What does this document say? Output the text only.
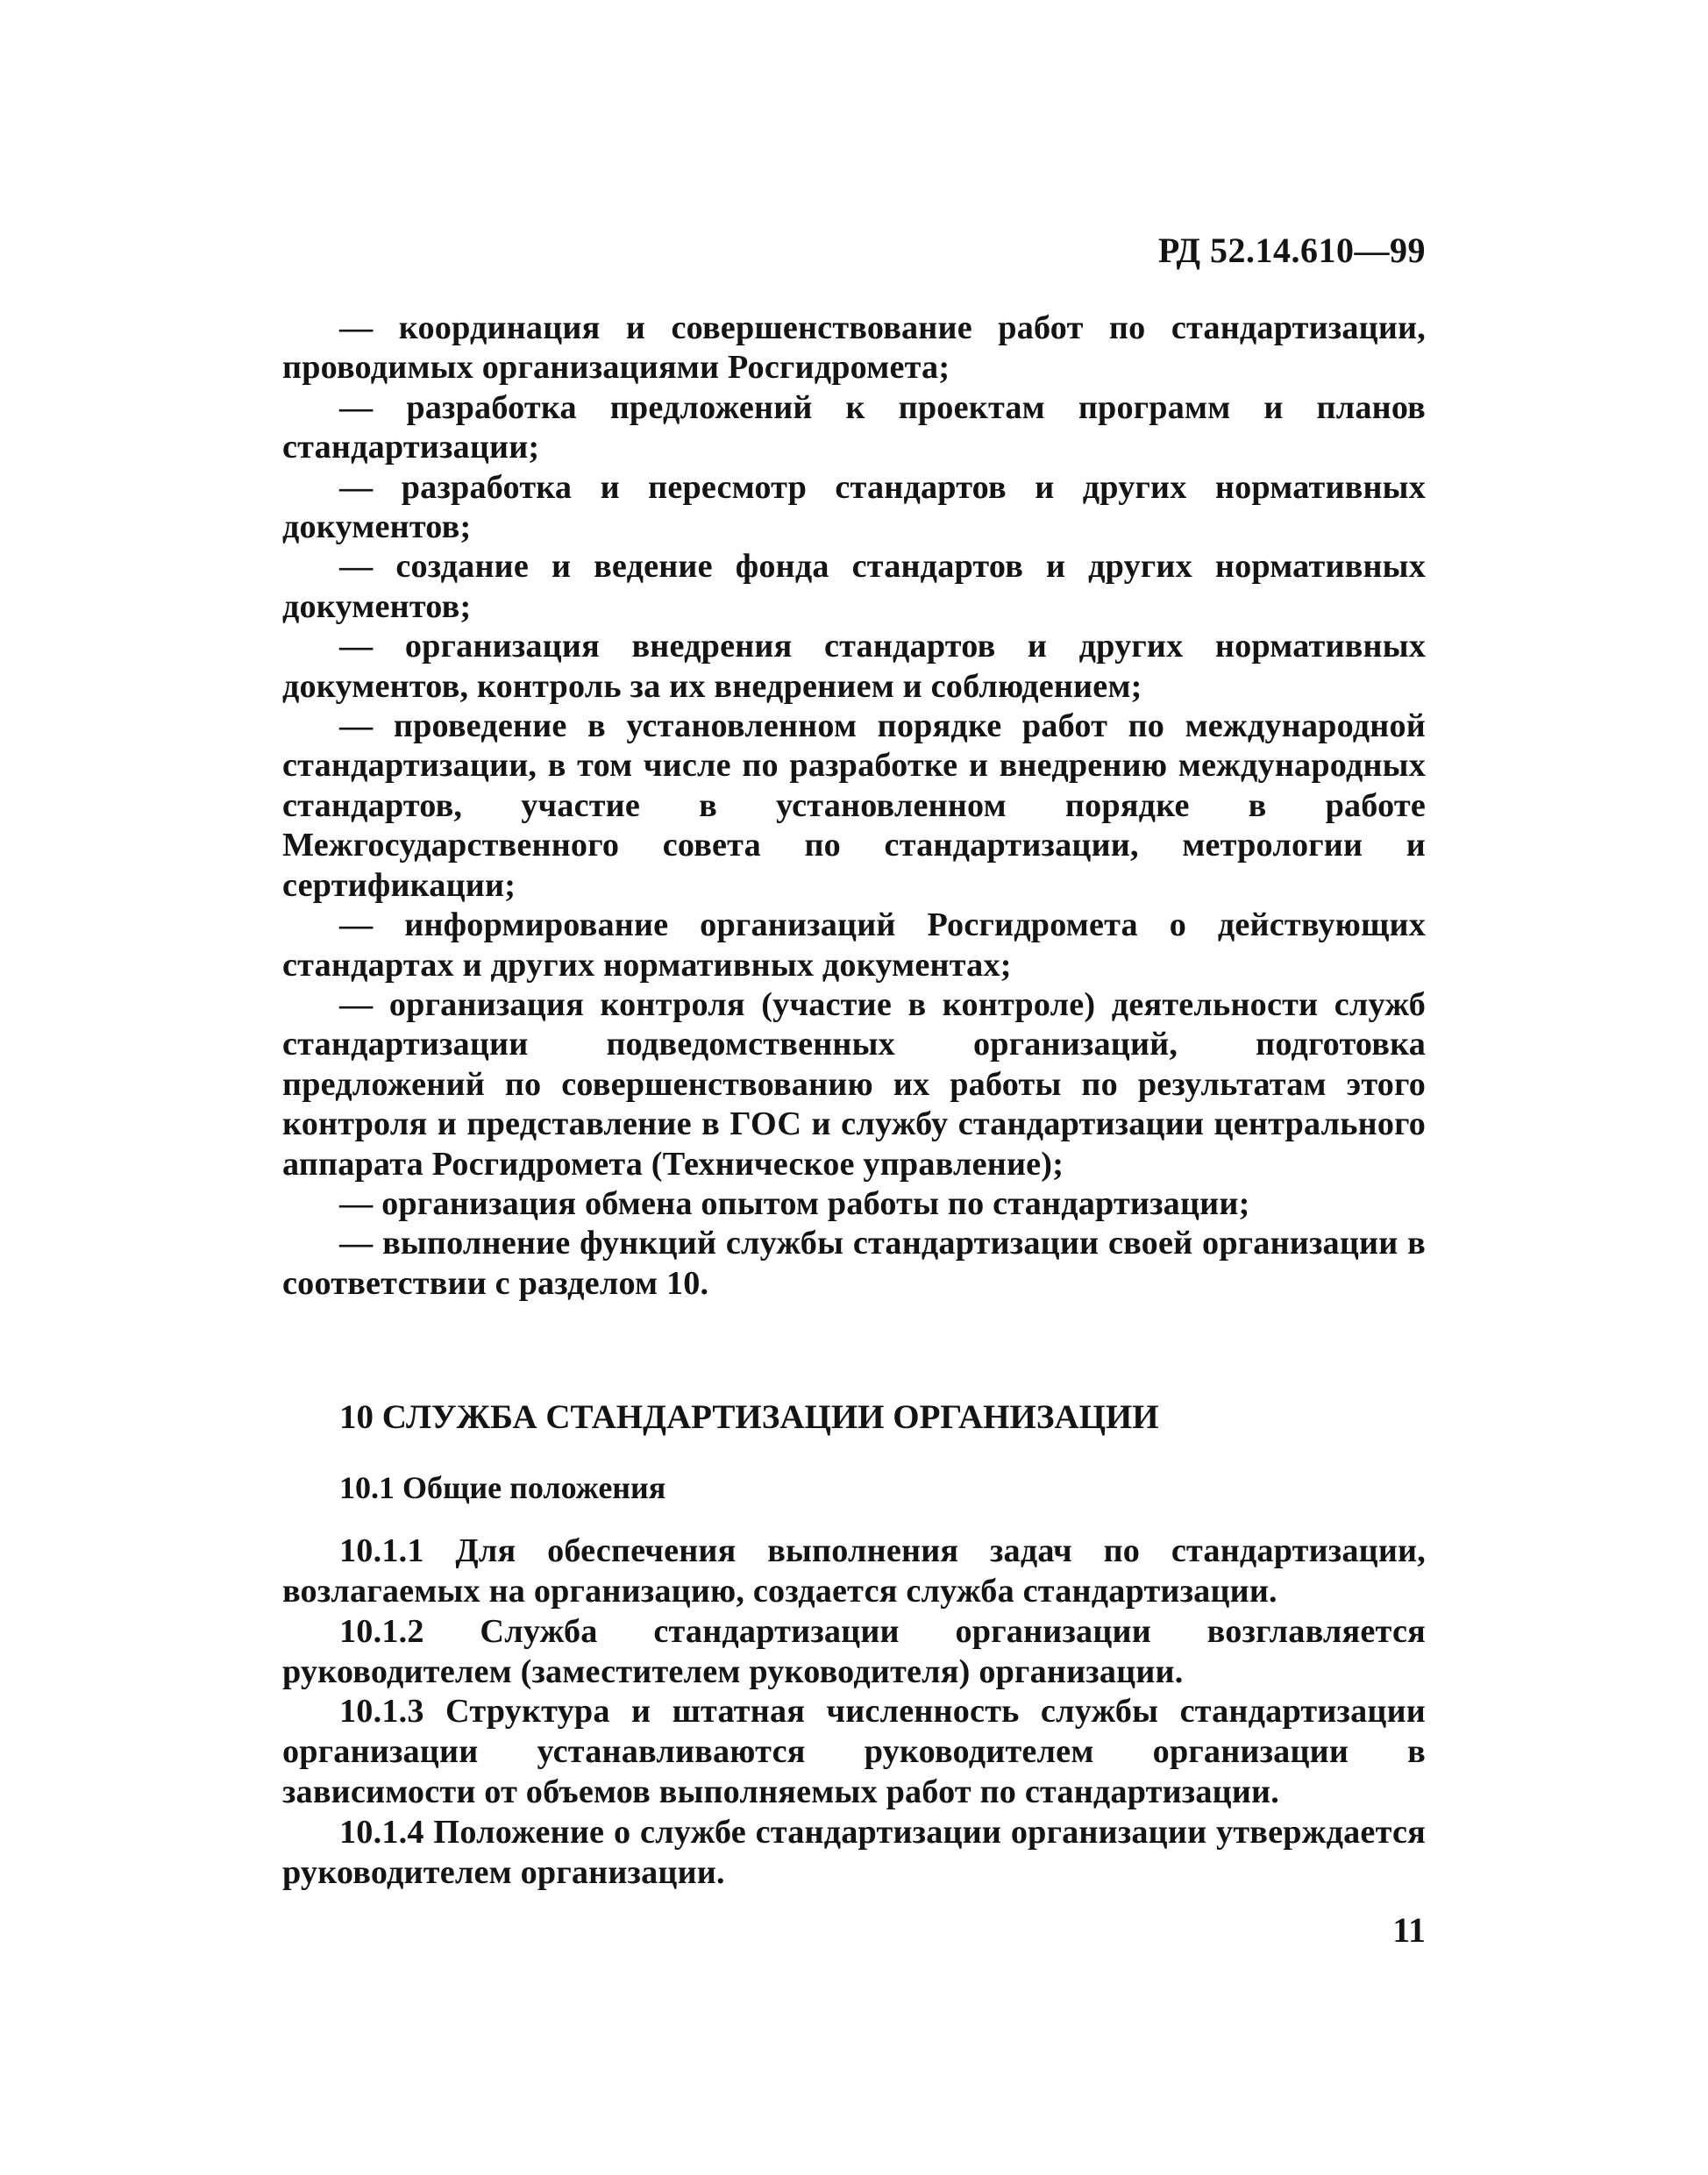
РД 52.14.610—99

— координация и совершенствование работ по стандартизации, проводимых организациями Росгидромета;

— разработка предложений к проектам программ и планов стандартизации;

— разработка и пересмотр стандартов и других нормативных документов;

— создание и ведение фонда стандартов и других нормативных документов;

— организация внедрения стандартов и других нормативных документов, контроль за их внедрением и соблюдением;

— проведение в установленном порядке работ по международной стандартизации, в том числе по разработке и внедрению международных стандартов, участие в установленном порядке в работе Межгосударственного совета по стандартизации, метрологии и сертификации;

— информирование организаций Росгидромета о действующих стандартах и других нормативных документах;

— организация контроля (участие в контроле) деятельности служб стандартизации подведомственных организаций, подготовка предложений по совершенствованию их работы по результатам этого контроля и представление в ГОС и службу стандартизации центрального аппарата Росгидромета (Техническое управление);

— организация обмена опытом работы по стандартизации;

— выполнение функций службы стандартизации своей организации в соответствии с разделом 10.

10 СЛУЖБА СТАНДАРТИЗАЦИИ ОРГАНИЗАЦИИ
10.1 Общие положения

10.1.1 Для обеспечения выполнения задач по стандартизации, возлагаемых на организацию, создается служба стандартизации.

10.1.2 Служба стандартизации организации возглавляется руководителем (заместителем руководителя) организации.

10.1.3 Структура и штатная численность службы стандартизации организации устанавливаются руководителем организации в зависимости от объемов выполняемых работ по стандартизации.

10.1.4 Положение о службе стандартизации организации утверждается руководителем организации.

11
